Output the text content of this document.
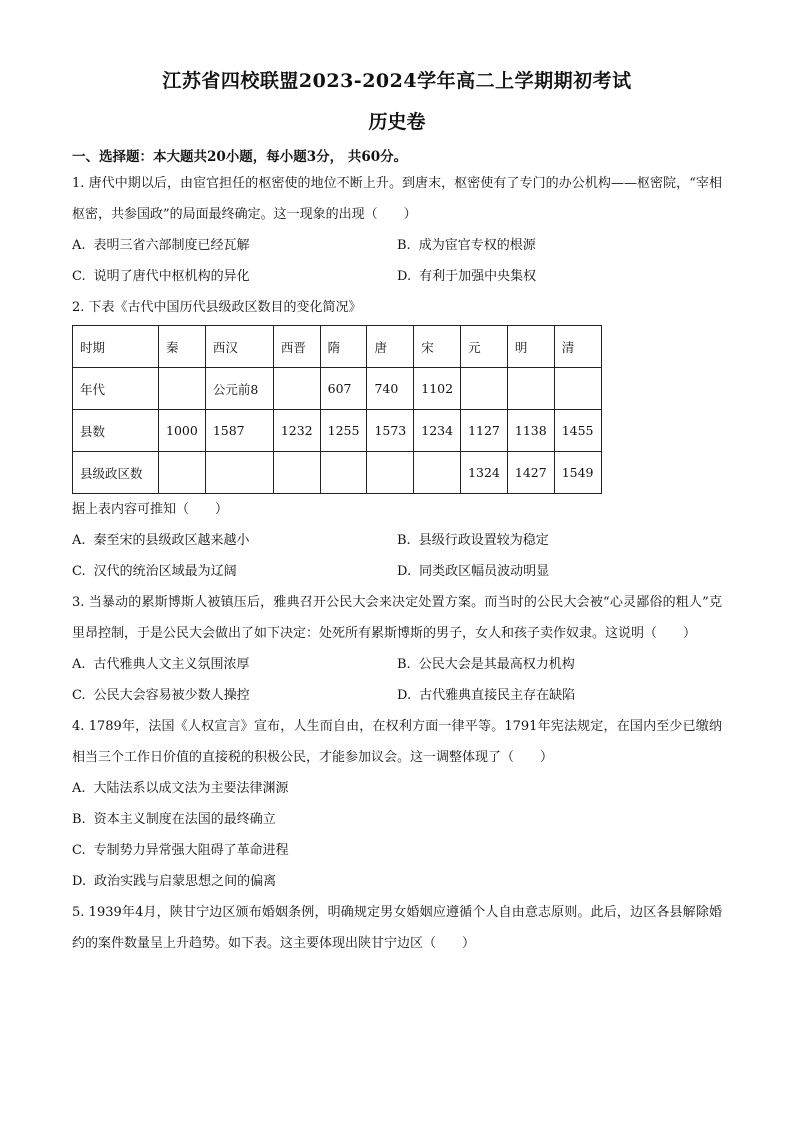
江苏省四校联盟2023-2024学年高二上学期期初考试
历史卷
一、选择题：本大题共20小题，每小题3分， 共60分。
1. 唐代中期以后，由宦官担任的枢密使的地位不断上升。到唐末，枢密使有了专门的办公机构——枢密院，“宰相枢密，共参国政”的局面最终确定。这一现象的出现（　　）
A. 表明三省六部制度已经瓦解	B. 成为宦官专权的根源
C. 说明了唐代中枢机构的异化	D. 有利于加强中央集权
2. 下表《古代中国历代县级政区数目的变化简况》
时期	秦	西汉	西晋	隋	唐	宋	元	明	清
年代		公元前8		607	740	1102			
县数	1000	1587	1232	1255	1573	1234	1127	1138	1455
县级政区数							1324	1427	1549
据上表内容可推知（　　）
A. 秦至宋的县级政区越来越小	B. 县级行政设置较为稳定
C. 汉代的统治区域最为辽阔	D. 同类政区幅员波动明显
3. 当暴动的累斯博斯人被镇压后，雅典召开公民大会来决定处置方案。而当时的公民大会被“心灵鄙俗的粗人”克里昂控制，于是公民大会做出了如下决定：处死所有累斯博斯的男子，女人和孩子卖作奴隶。这说明（　　）
A. 古代雅典人文主义氛围浓厚	B. 公民大会是其最高权力机构
C. 公民大会容易被少数人操控	D. 古代雅典直接民主存在缺陷
4. 1789年，法国《人权宣言》宣布，人生而自由，在权利方面一律平等。1791年宪法规定，在国内至少已缴纳相当三个工作日价值的直接税的积极公民，才能参加议会。这一调整体现了（　　）
A. 大陆法系以成文法为主要法律渊源
B. 资本主义制度在法国的最终确立
C. 专制势力异常强大阻碍了革命进程
D. 政治实践与启蒙思想之间的偏离
5. 1939年4月，陕甘宁边区颁布婚姻条例，明确规定男女婚姻应遵循个人自由意志原则。此后，边区各县解除婚约的案件数量呈上升趋势。如下表。这主要体现出陕甘宁边区（　　）
